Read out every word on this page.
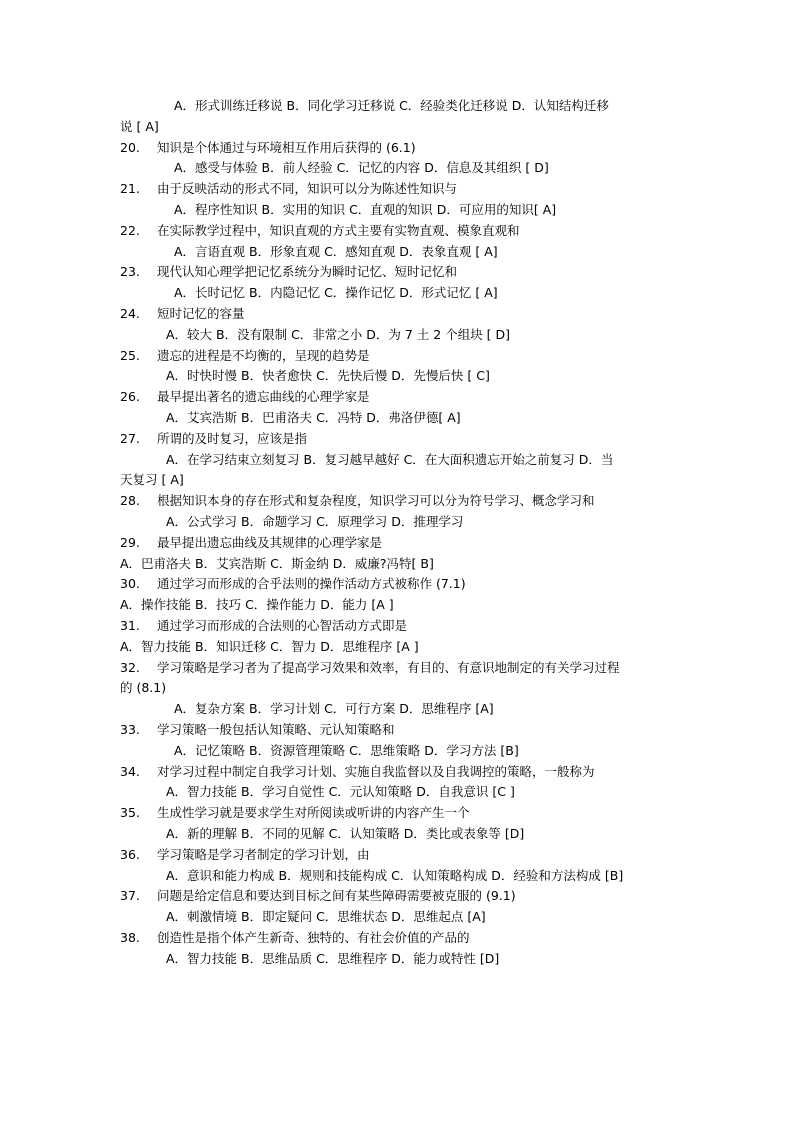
A．形式训练迁移说 B．同化学习迁移说 C．经验类化迁移说 D．认知结构迁移
说 [ A]
20. 知识是个体通过与环境相互作用后获得的 (6.1)
A．感受与体验 B．前人经验 C．记忆的内容 D．信息及其组织 [ D]
21. 由于反映活动的形式不同，知识可以分为陈述性知识与
A．程序性知识 B．实用的知识 C．直观的知识 D．可应用的知识[ A]
22. 在实际教学过程中，知识直观的方式主要有实物直观、模象直观和
A．言语直观 B．形象直观 C．感知直观 D．表象直观 [ A]
23. 现代认知心理学把记忆系统分为瞬时记忆、短时记忆和
A．长时记忆 B．内隐记忆 C．操作记忆 D．形式记忆 [ A]
24. 短时记忆的容量
A．较大 B．没有限制 C．非常之小 D．为 7 土 2 个组块 [ D]
25. 遗忘的进程是不均衡的，呈现的趋势是
A．时快时慢 B．快者愈快 C．先快后慢 D．先慢后快 [ C]
26. 最早提出著名的遗忘曲线的心理学家是
A．艾宾浩斯 B．巴甫洛夫 C．冯特 D．弗洛伊德[ A]
27. 所谓的及时复习，应该是指
A．在学习结束立刻复习 B．复习越早越好 C．在大面积遗忘开始之前复习 D．当
天复习 [ A]
28. 根据知识本身的存在形式和复杂程度，知识学习可以分为符号学习、概念学习和
A．公式学习 B．命题学习 C．原理学习 D．推理学习
29. 最早提出遗忘曲线及其规律的心理学家是
A．巴甫洛夫 B．艾宾浩斯 C．斯金纳 D．威廉?冯特[ B]
30. 通过学习而形成的合乎法则的操作活动方式被称作 (7.1)
A．操作技能 B．技巧 C．操作能力 D．能力 [A ]
31. 通过学习而形成的合法则的心智活动方式即是
A．智力技能 B．知识迁移 C．智力 D．思维程序 [A ]
32. 学习策略是学习者为了提高学习效果和效率，有目的、有意识地制定的有关学习过程
的 (8.1)
A．复杂方案 B．学习计划 C．可行方案 D．思维程序 [A]
33. 学习策略一般包括认知策略、元认知策略和
A．记忆策略 B．资源管理策略 C．思维策略 D．学习方法 [B]
34. 对学习过程中制定自我学习计划、实施自我监督以及自我调控的策略，一般称为
A．智力技能 B．学习自觉性 C．元认知策略 D．自我意识 [C ]
35. 生成性学习就是要求学生对所阅读或听讲的内容产生一个
A．新的理解 B．不同的见解 C．认知策略 D．类比或表象等 [D]
36. 学习策略是学习者制定的学习计划，由
A．意识和能力构成 B．规则和技能构成 C．认知策略构成 D．经验和方法构成 [B]
37. 问题是给定信息和要达到目标之间有某些障碍需要被克服的 (9.1)
A．刺激情境 B．即定疑问 C．思维状态 D．思维起点 [A]
38. 创造性是指个体产生新奇、独特的、有社会价值的产品的
A．智力技能 B．思维品质 C．思维程序 D．能力或特性 [D]
